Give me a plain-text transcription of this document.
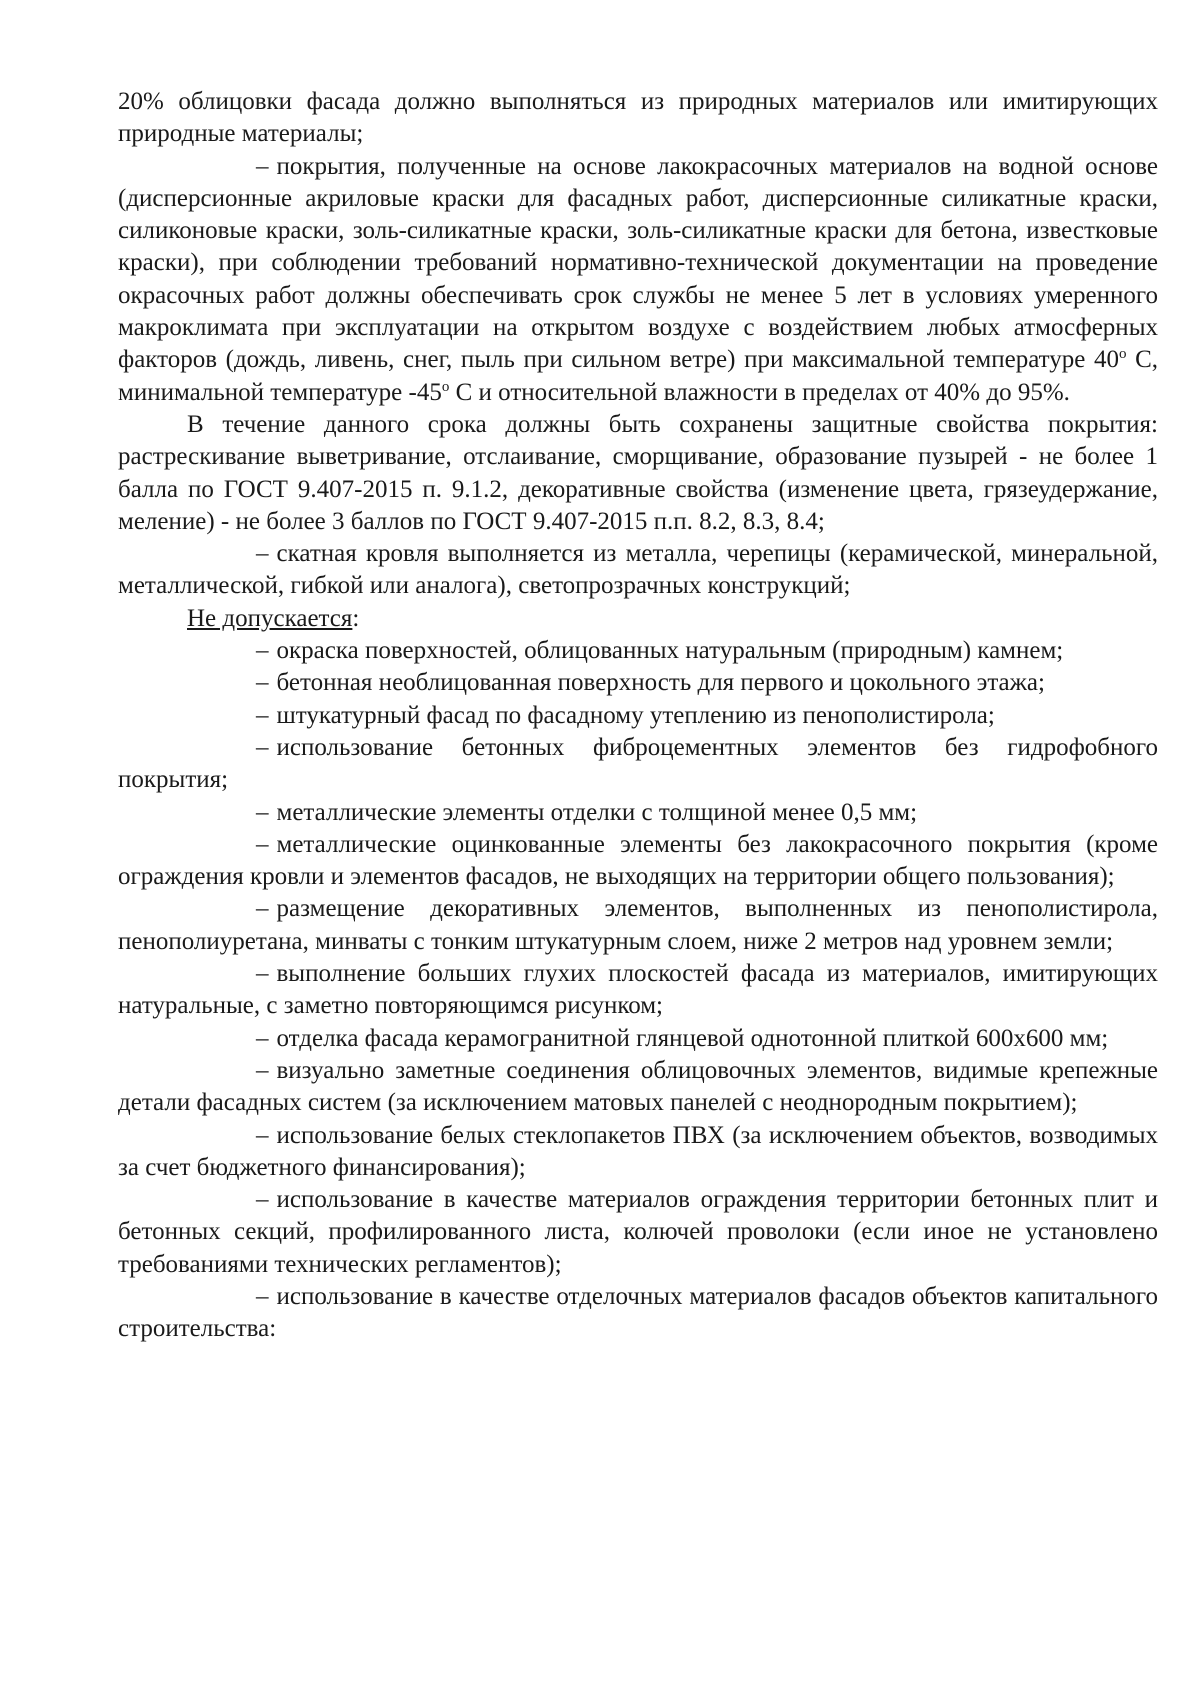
20% облицовки фасада должно выполняться из природных материалов или имитирующих природные материалы;

– покрытия, полученные на основе лакокрасочных материалов на водной основе (дисперсионные акриловые краски для фасадных работ, дисперсионные силикатные краски, силиконовые краски, золь-силикатные краски, золь-силикатные краски для бетона, известковые краски), при соблюдении требований нормативно-технической документации на проведение окрасочных работ должны обеспечивать срок службы не менее 5 лет в условиях умеренного макроклимата при эксплуатации на открытом воздухе с воздействием любых атмосферных факторов (дождь, ливень, снег, пыль при сильном ветре) при максимальной температуре 40$^o$ С, минимальной температуре -45$^o$ С и относительной влажности в пределах от 40% до 95%.

В течение данного срока должны быть сохранены защитные свойства покрытия: растрескивание выветривание, отслаивание, сморщивание, образование пузырей - не более 1 балла по ГОСТ 9.407-2015 п. 9.1.2, декоративные свойства (изменение цвета, грязеудержание, меление) - не более 3 баллов по ГОСТ 9.407-2015 п.п. 8.2, 8.3, 8.4;

– скатная кровля выполняется из металла, черепицы (керамической, минеральной, металлической, гибкой или аналога), светопрозрачных конструкций;

Не допускается:

– окраска поверхностей, облицованных натуральным (природным) камнем;

– бетонная необлицованная поверхность для первого и цокольного этажа;

– штукатурный фасад по фасадному утеплению из пенополистирола;

– использование бетонных фиброцементных элементов без гидрофобного покрытия;

– металлические элементы отделки с толщиной менее 0,5 мм;

– металлические оцинкованные элементы без лакокрасочного покрытия (кроме ограждения кровли и элементов фасадов, не выходящих на территории общего пользования);

– размещение декоративных элементов, выполненных из пенополистирола, пенополиуретана, минваты с тонким штукатурным слоем, ниже 2 метров над уровнем земли;

– выполнение больших глухих плоскостей фасада из материалов, имитирующих натуральные, с заметно повторяющимся рисунком;

– отделка фасада керамогранитной глянцевой однотонной плиткой 600х600 мм;

– визуально заметные соединения облицовочных элементов, видимые крепежные детали фасадных систем (за исключением матовых панелей с неоднородным покрытием);

– использование белых стеклопакетов ПВХ (за исключением объектов, возводимых за счет бюджетного финансирования);

– использование в качестве материалов ограждения территории бетонных плит и бетонных секций, профилированного листа, колючей проволоки (если иное не установлено требованиями технических регламентов);

– использование в качестве отделочных материалов фасадов объектов капитального строительства:
